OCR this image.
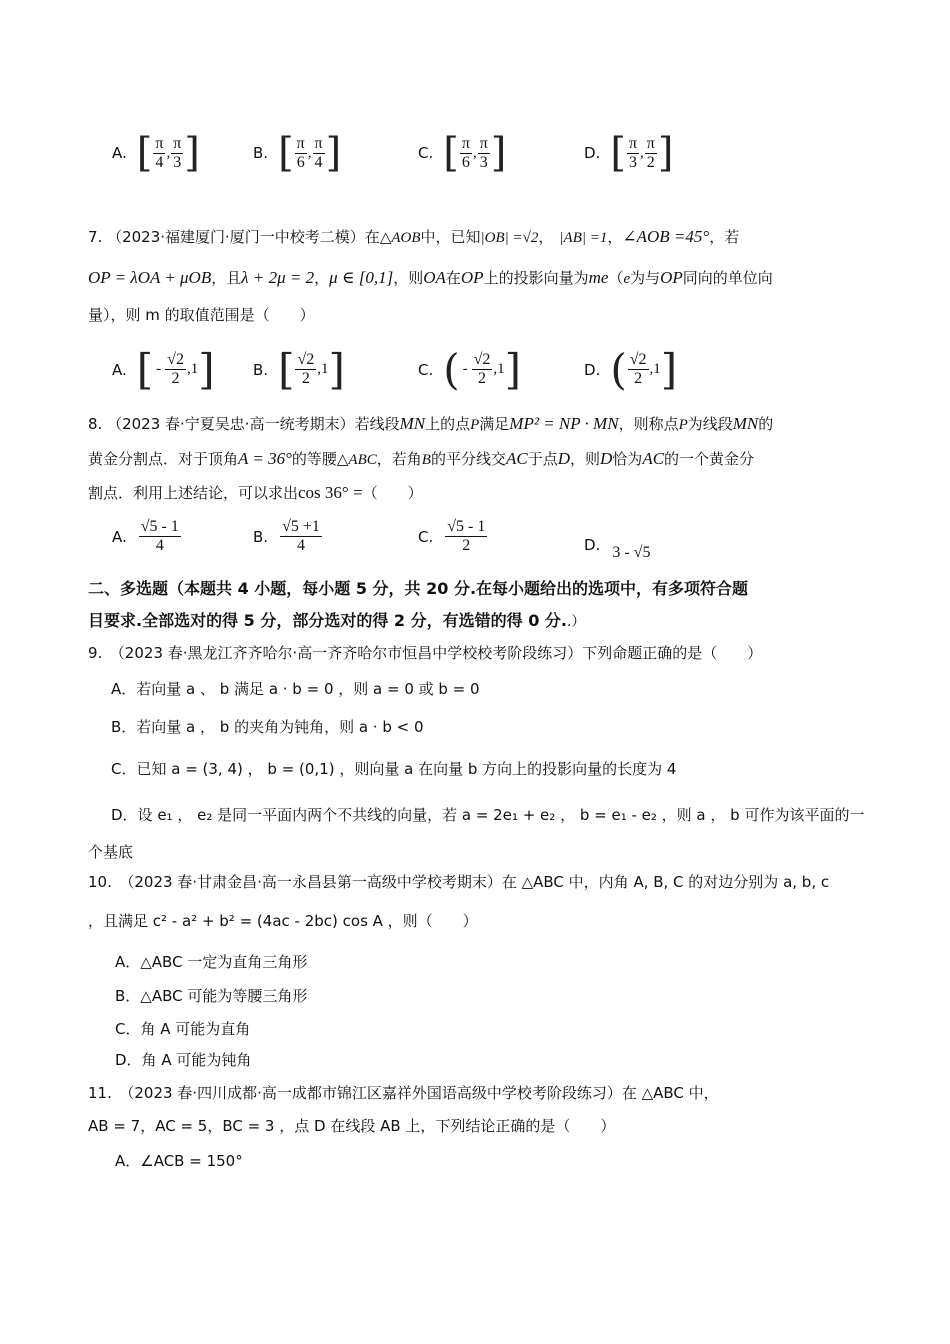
A. [ $\frac{\pi}{4}$ , $\frac{\pi}{3}$ ]	B. [ $\frac{\pi}{6}$ , $\frac{\pi}{4}$ ]	C. [ $\frac{\pi}{6}$ , $\frac{\pi}{3}$ ]	D. [ $\frac{\pi}{3}$ , $\frac{\pi}{2}$ ]
7. （2023·福建厦门·厦门一中校考二模）在△AOB中，已知|OB| =√2， |AB| =1，∠AOB =45°，若
OP = λOA + μOB，且λ + 2μ = 2，μ ∈ [0,1]，则OA在OP上的投影向量为me（e为与OP同向的单位向
量），则 m 的取值范围是（　　）
A. [ - $\frac{√2}{2} ,1$ ]	B. [ $\frac{√2}{2} ,1$ ]	C. ( - $\frac{√2}{2} ,1$ ]	D. ( $\frac{√2}{2} ,1$ ]
8. （2023 春·宁夏吴忠·高一统考期末）若线段MN上的点P满足MP² = NP · MN，则称点P为线段MN的
黄金分割点．对于顶角A = 36°的等腰△ABC，若角B的平分线交AC于点D，则D恰为AC的一个黄金分
割点．利用上述结论，可以求出cos 36° =（　　）
A. $\frac{√5 - 1}{4}$	B. $\frac{√5 +1}{4}$	C. $\frac{√5 - 1}{2}$	D. 3 - √5
二、多选题（本题共 4 小题，每小题 5 分，共 20 分.在每小题给出的选项中，有多项符合题
目要求.全部选对的得 5 分，部分选对的得 2 分，有选错的得 0 分..）
9.　（2023 春·黑龙江齐齐哈尔·高一齐齐哈尔市恒昌中学校校考阶段练习）下列命题正确的是（　　）
A．若向量 a 、 b 满足 a · b = 0 ，则 a = 0 或 b = 0
B．若向量 a ， b 的夹角为钝角，则 a · b < 0
C．已知 a = (3, 4) ， b = (0,1) ，则向量 a 在向量 b 方向上的投影向量的长度为 4
D．设 e₁ ， e₂ 是同一平面内两个不共线的向量，若 a = 2e₁ + e₂ ， b = e₁ - e₂ ，则 a ， b 可作为该平面的一
个基底
10.　（2023 春·甘肃金昌·高一永昌县第一高级中学校考期末）在 △ABC 中，内角 A, B, C 的对边分别为 a, b, c
，且满足 c² - a² + b² = (4ac - 2bc) cos A ，则（　　）
A．△ABC 一定为直角三角形
B．△ABC 可能为等腰三角形
C．角 A 可能为直角
D．角 A 可能为钝角
11.　（2023 春·四川成都·高一成都市锦江区嘉祥外国语高级中学校考阶段练习）在 △ABC 中，
AB = 7，AC = 5，BC = 3 ，点 D 在线段 AB 上，下列结论正确的是（　　）
A．∠ACB = 150°
